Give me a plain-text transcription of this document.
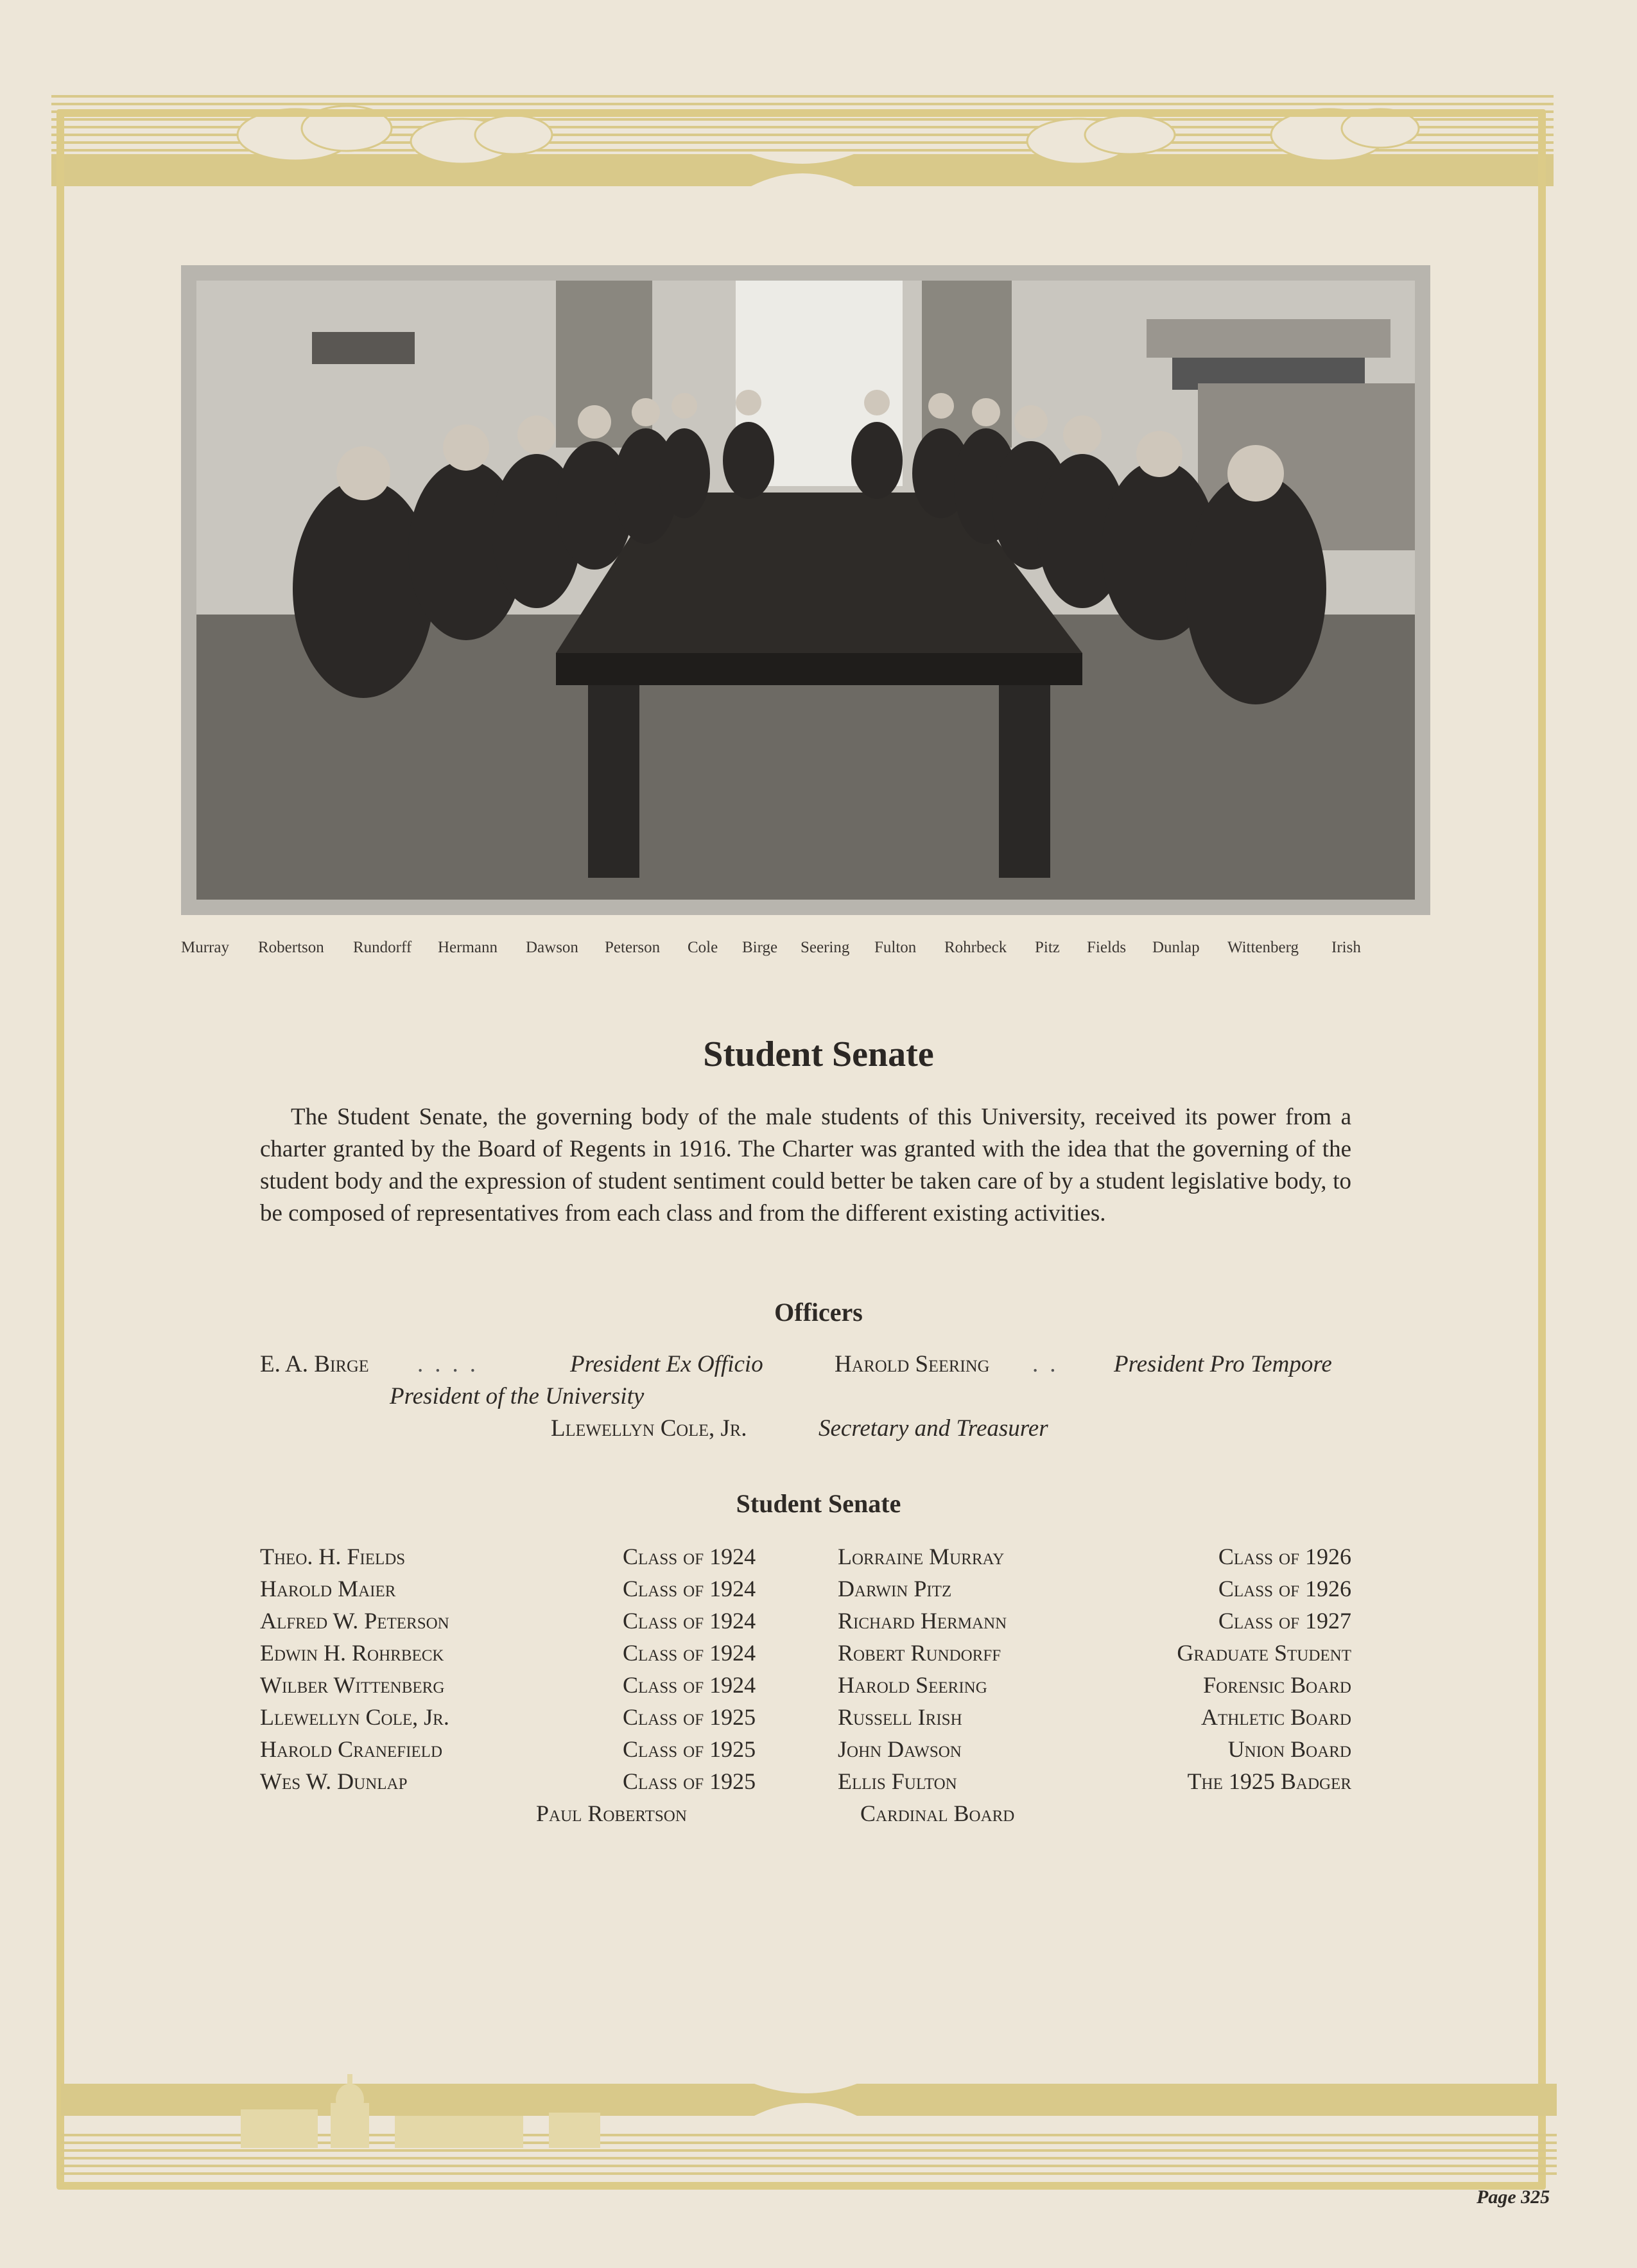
Murray Robertson Rundorff Hermann Dawson Peterson Cole Birge Seering Fulton Rohrbeck Pitz Fields Dunlap Wittenberg Irish
Student Senate

The Student Senate, the governing body of the male students of this University, received its power from a charter granted by the Board of Regents in 1916. The Charter was granted with the idea that the governing of the student body and the expression of student sentiment could better be taken care of by a student legislative body, to be composed of representatives from each class and from the different existing activities.

Officers
E. A. Birge ....	President Ex Officio	Harold Seering .. President Pro Tempore
President of the University
Llewellyn Cole, Jr.	Secretary and Treasurer
Student Senate
Theo. H. Fields	Class of 1924	Lorraine Murray	Class of 1926
Harold Maier	Class of 1924	Darwin Pitz	Class of 1926
Alfred W. Peterson	Class of 1924	Richard Hermann	Class of 1927
Edwin H. Rohrbeck	Class of 1924	Robert Rundorff	Graduate Student
Wilber Wittenberg	Class of 1924	Harold Seering	Forensic Board
Llewellyn Cole, Jr.	Class of 1925	Russell Irish	Athletic Board
Harold Cranefield	Class of 1925	John Dawson	Union Board
Wes W. Dunlap	Class of 1925	Ellis Fulton	The 1925 Badger
Paul Robertson	Cardinal Board
Page 325
